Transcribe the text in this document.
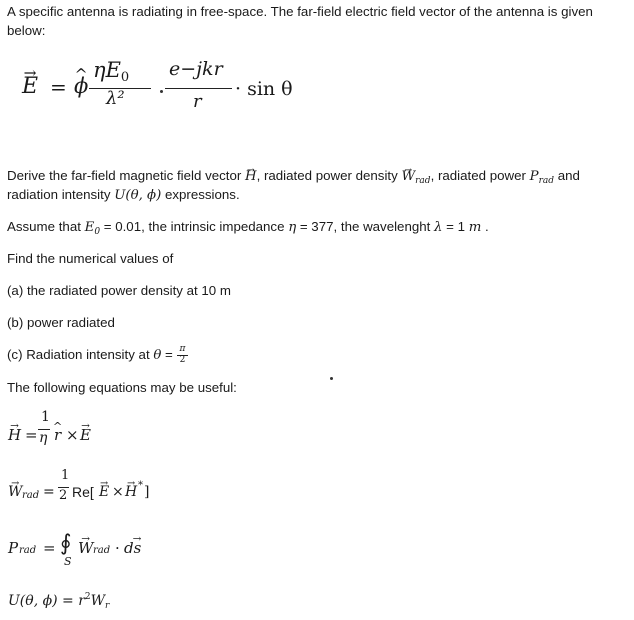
A specific antenna is radiating in free-space. The far-field electric field vector of the antenna is given
below:
→ E = ^ ϕ
ηE0
λ²
e−jkr
r
· sin θ
Derive the far-field magnetic field vector → H, radiated power density → $W_{rad}$, radiated power $P_{rad}$ and
radiation intensity U(θ, ϕ) expressions.
Assume that $E_0 = 0.01$, the intrinsic impedance η = 377, the wavelenght λ = 1 m .
Find the numerical values of
(a) the radiated power density at 10 m
(b) power radiated
(c) Radiation intensity at $\theta = \frac{\pi}{2}$
The following equations may be useful:
→ H =
1
η ^ r × → E
→ W rad =
1
2 Re[ → E × → H * ]
P rad = ∮
S
→ W rad · ds
→
U(θ, $\phi) = r^2W_r$
